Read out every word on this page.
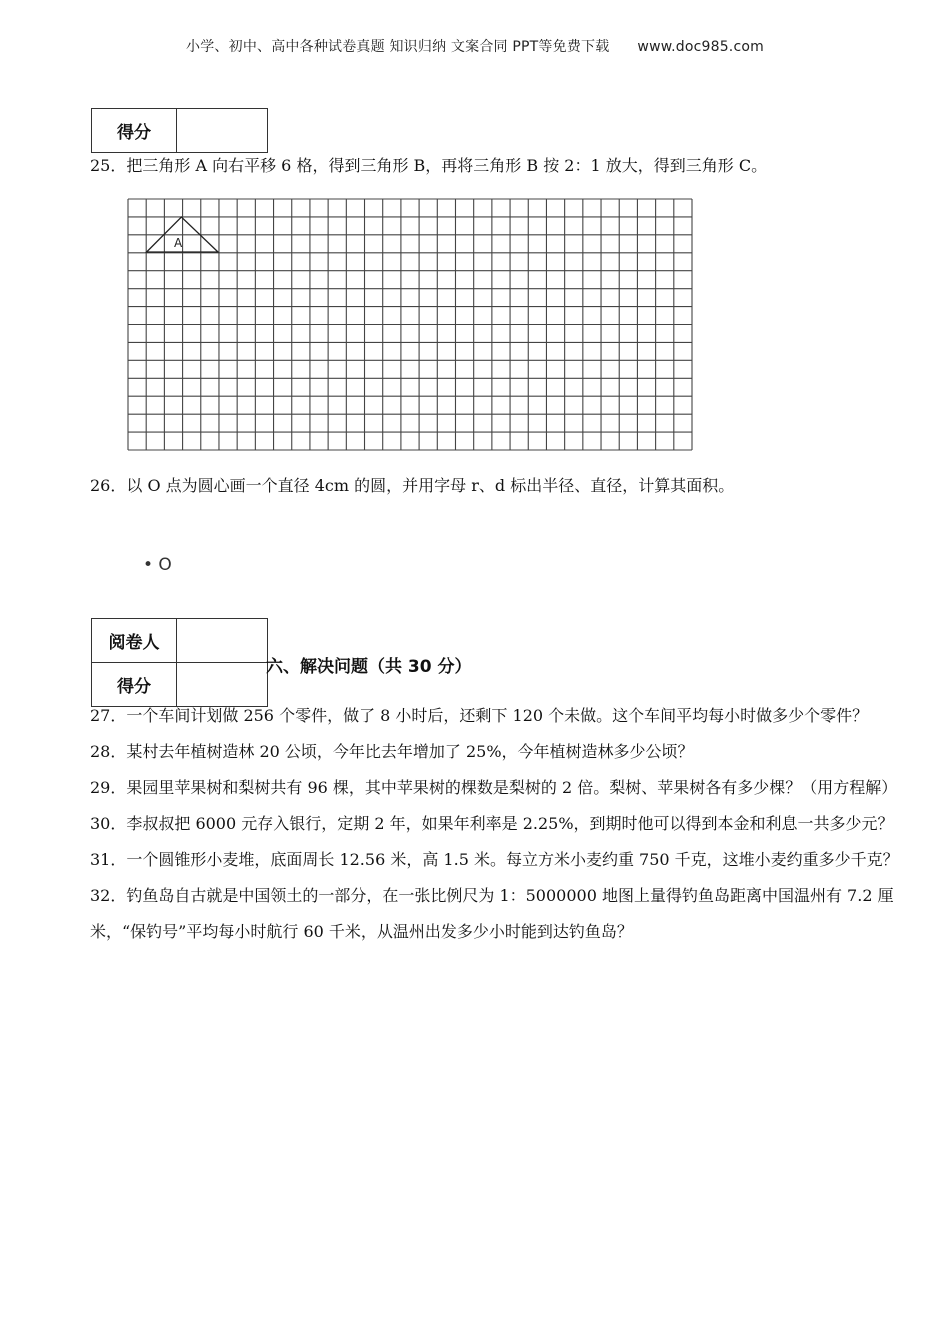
小学、初中、高中各种试卷真题 知识归纳 文案合同 PPT等免费下载 www.doc985.com
得分	
25．把三角形 A 向右平移 6 格，得到三角形 B，再将三角形 B 按 2：1 放大，得到三角形 C。
A
26．以 O 点为圆心画一个直径 4cm 的圆，并用字母 r、d 标出半径、直径，计算其面积。
• O
阅卷人	
得分	
六、解决问题（共 30 分）
27．一个车间计划做 256 个零件，做了 8 小时后，还剩下 120 个未做。这个车间平均每小时做多少个零件？
28．某村去年植树造林 20 公顷，今年比去年增加了 25%，今年植树造林多少公顷？
29．果园里苹果树和梨树共有 96 棵，其中苹果树的棵数是梨树的 2 倍。梨树、苹果树各有多少棵？（用方程解）
30．李叔叔把 6000 元存入银行，定期 2 年，如果年利率是 2.25%，到期时他可以得到本金和利息一共多少元？
31．一个圆锥形小麦堆，底面周长 12.56 米，高 1.5 米。每立方米小麦约重 750 千克，这堆小麦约重多少千克？
32．钓鱼岛自古就是中国领土的一部分，在一张比例尺为 1：5000000 地图上量得钓鱼岛距离中国温州有 7.2 厘米，“保钓号”平均每小时航行 60 千米，从温州出发多少小时能到达钓鱼岛？
